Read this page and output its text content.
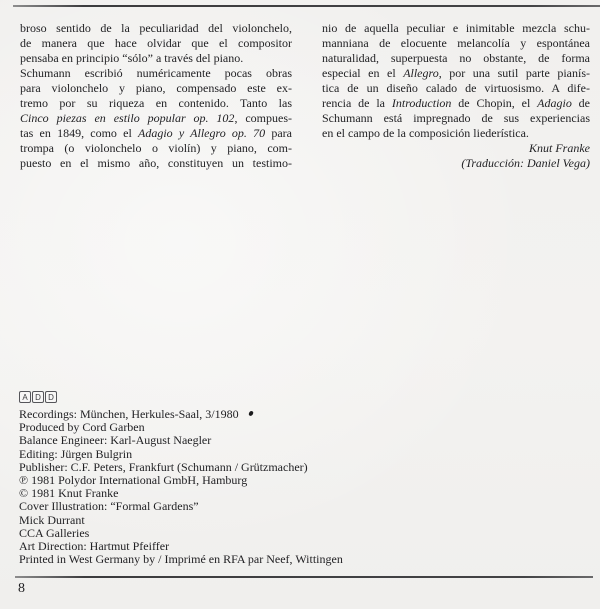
broso sentido de la peculiaridad del violonchelo,
de manera que hace olvidar que el compositor
pensaba en principio “sólo” a través del piano.
Schumann escribió numéricamente pocas obras
para violonchelo y piano, compensado este ex-
tremo por su riqueza en contenido. Tanto las
Cinco piezas en estilo popular op. 102, compues-
tas en 1849, como el Adagio y Allegro op. 70 para
trompa (o violonchelo o violín) y piano, com-
puesto en el mismo año, constituyen un testimo-
nio de aquella peculiar e inimitable mezcla schu-
manniana de elocuente melancolía y espontánea
naturalidad, superpuesta no obstante, de forma
especial en el Allegro, por una sutil parte pianís-
tica de un diseño calado de virtuosismo. A dife-
rencia de la Introduction de Chopin, el Adagio de
Schumann está impregnado de sus experiencias
en el campo de la composición liederística.
Knut Franke
(Traducción: Daniel Vega)
A D D
Recordings: München, Herkules-Saal, 3/1980
Produced by Cord Garben
Balance Engineer: Karl-August Naegler
Editing: Jürgen Bulgrin
Publisher: C.F. Peters, Frankfurt (Schumann / Grützmacher)
℗ 1981 Polydor International GmbH, Hamburg
© 1981 Knut Franke
Cover Illustration: “Formal Gardens”
Mick Durrant
CCA Galleries
Art Direction: Hartmut Pfeiffer
Printed in West Germany by / Imprimé en RFA par Neef, Wittingen
8
